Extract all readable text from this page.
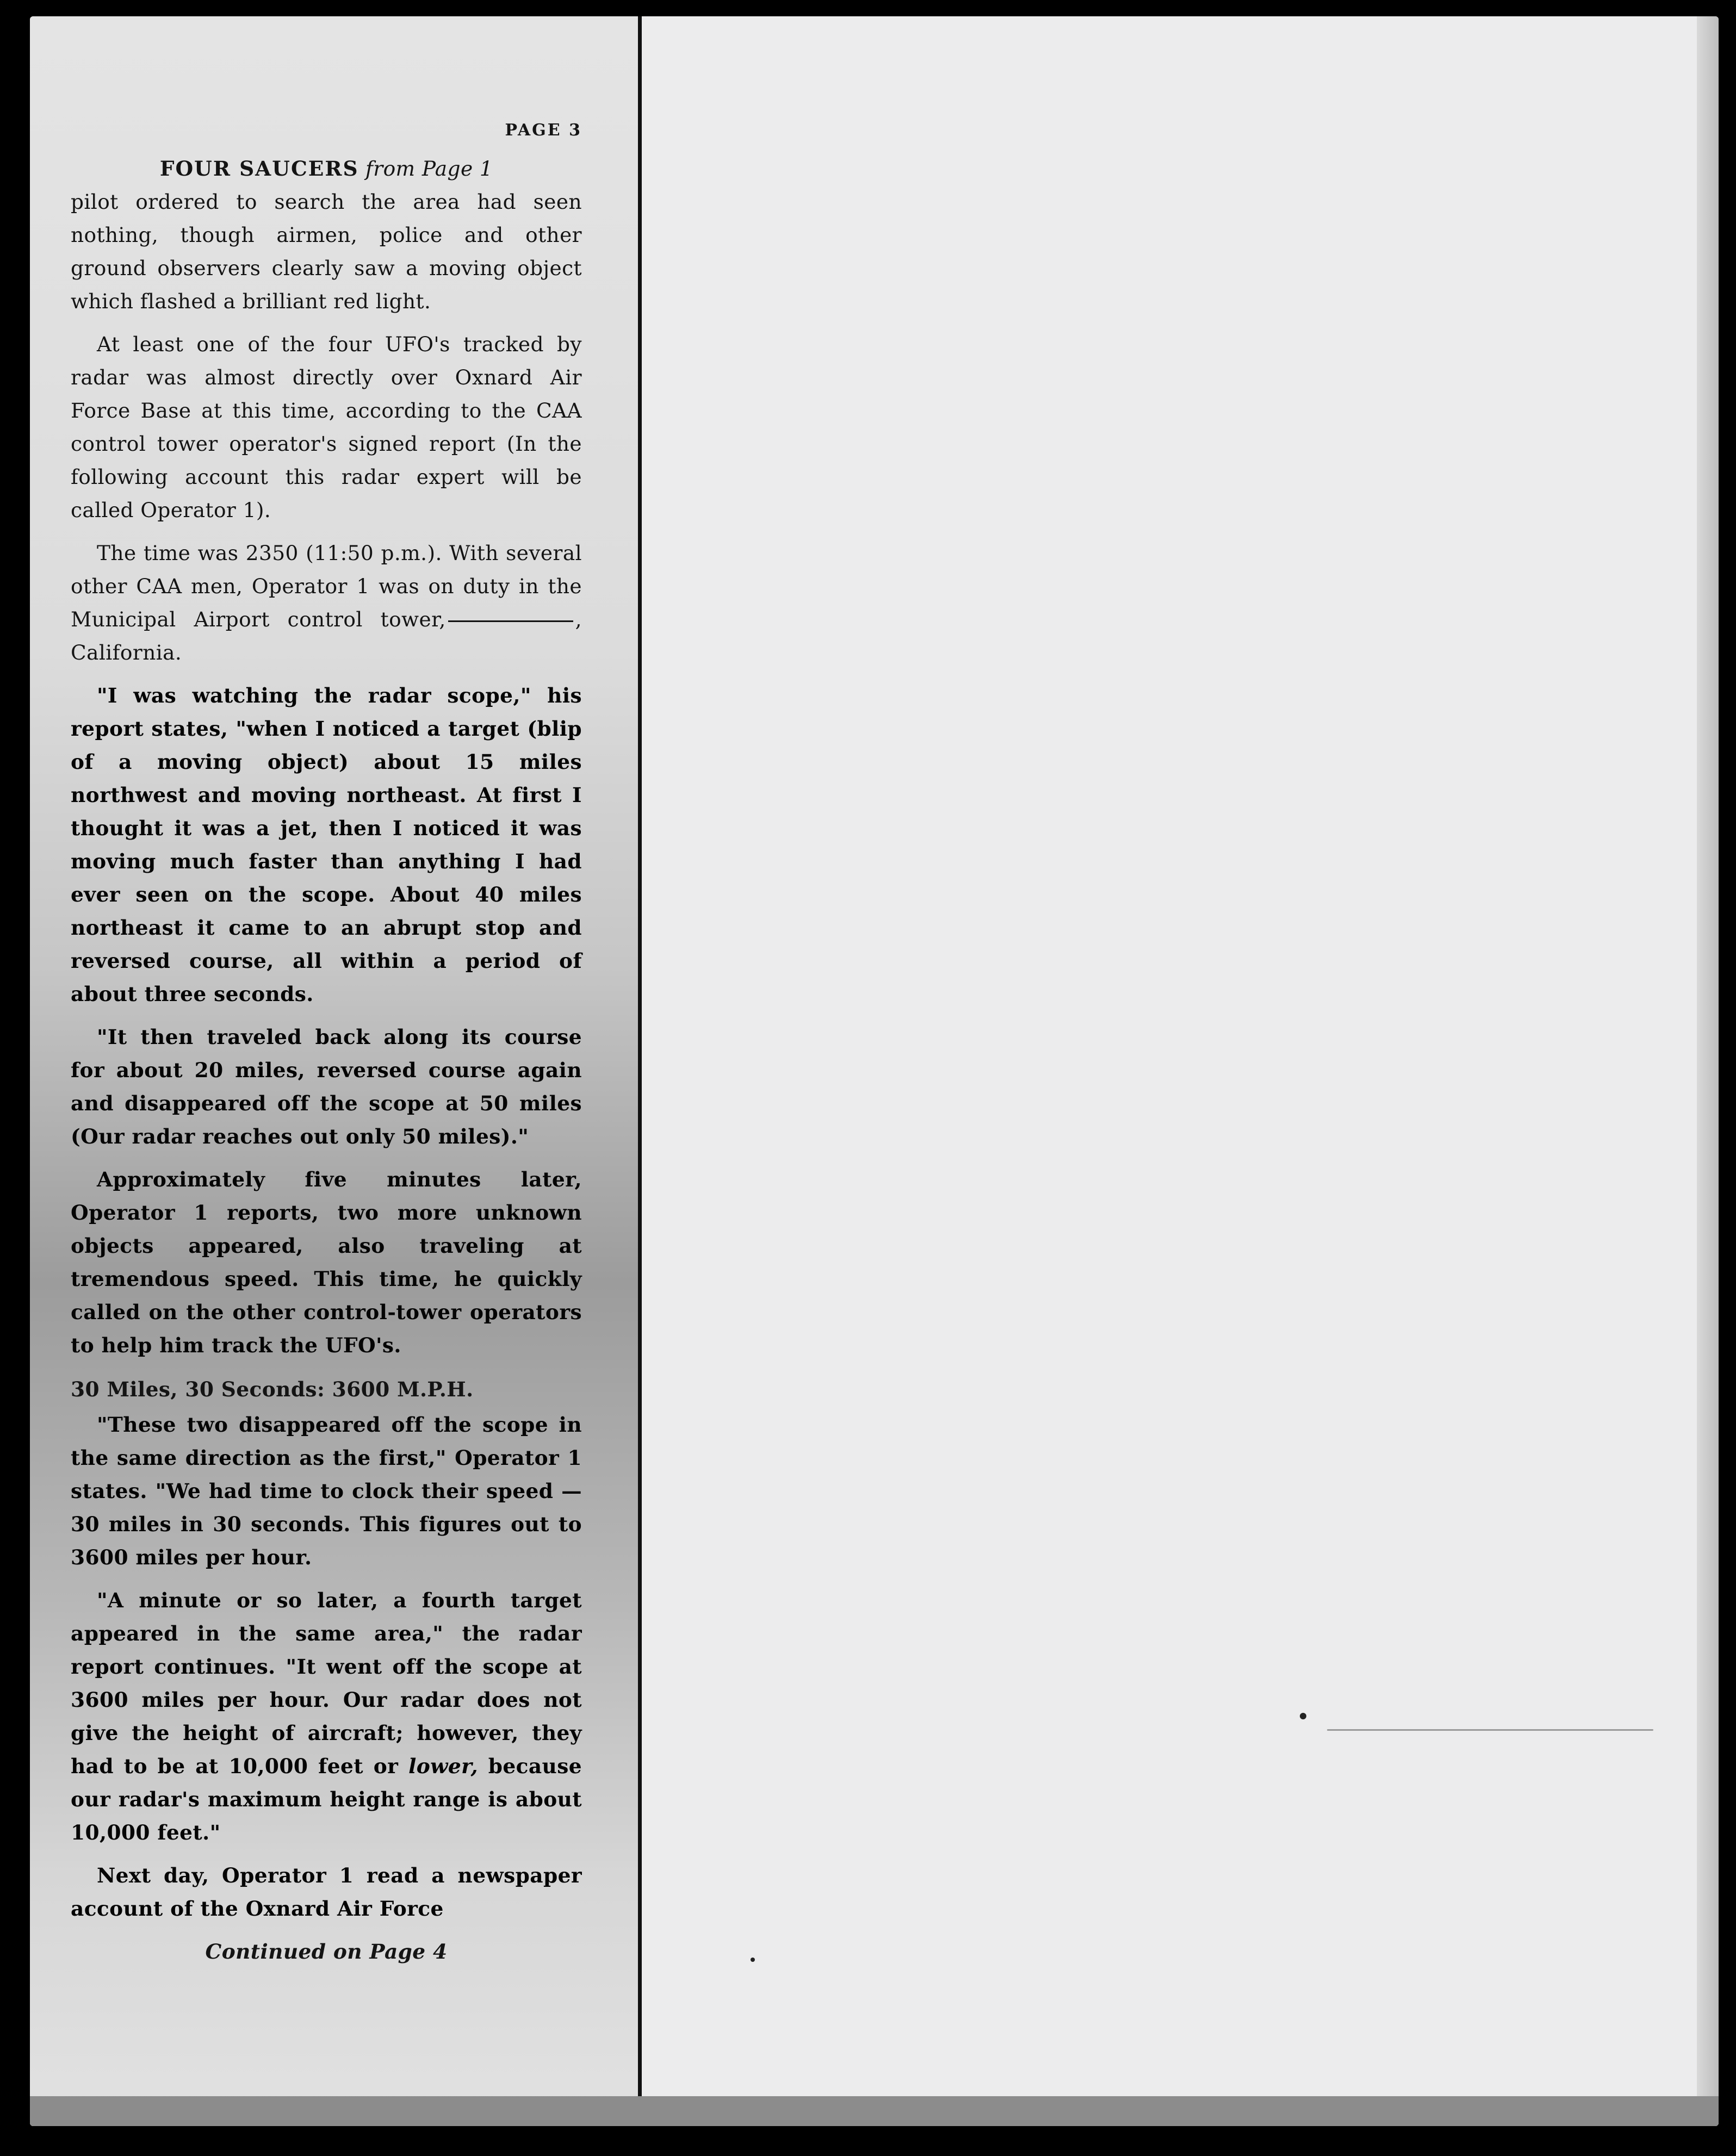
PAGE 3
FOUR SAUCERS from Page 1

pilot ordered to search the area had seen nothing, though airmen, police and other ground observers clearly saw a moving object which flashed a brilliant red light.

At least one of the four UFO's tracked by radar was almost directly over Oxnard Air Force Base at this time, according to the CAA control tower operator's signed report (In the following account this radar expert will be called Operator 1).

The time was 2350 (11:50 p.m.). With several other CAA men, Operator 1 was on duty in the Municipal Airport control tower,	, California.

"I was watching the radar scope," his report states, "when I noticed a target (blip of a moving object) about 15 miles northwest and moving northeast. At first I thought it was a jet, then I noticed it was moving much faster than anything I had ever seen on the scope. About 40 miles northeast it came to an abrupt stop and reversed course, all within a period of about three seconds.

"It then traveled back along its course for about 20 miles, reversed course again and disappeared off the scope at 50 miles (Our radar reaches out only 50 miles)."

Approximately five minutes later, Operator 1 reports, two more unknown objects appeared, also traveling at tremendous speed. This time, he quickly called on the other control-tower operators to help him track the UFO's.

30 Miles, 30 Seconds: 3600 M.P.H.

"These two disappeared off the scope in the same direction as the first," Operator 1 states. "We had time to clock their speed — 30 miles in 30 seconds. This figures out to 3600 miles per hour.

"A minute or so later, a fourth target appeared in the same area," the radar report continues. "It went off the scope at 3600 miles per hour. Our radar does not give the height of aircraft; however, they had to be at 10,000 feet or lower, because our radar's maximum height range is about 10,000 feet."

Next day, Operator 1 read a newspaper account of the Oxnard Air Force

Continued on Page 4
